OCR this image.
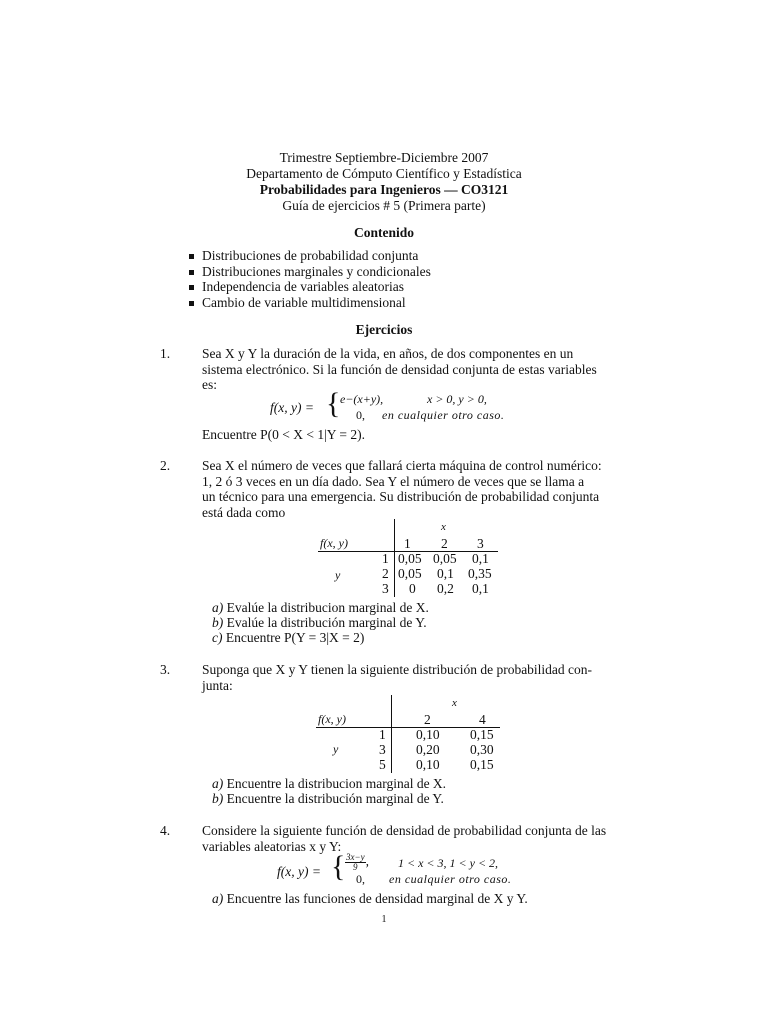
Trimestre Septiembre-Diciembre 2007
Departamento de Cómputo Científico y Estadística
Probabilidades para Ingenieros — CO3121
Guía de ejercicios # 5 (Primera parte)
Contenido
Distribuciones de probabilidad conjunta
Distribuciones marginales y condicionales
Independencia de variables aleatorias
Cambio de variable multidimensional
Ejercicios
1. Sea X y Y la duración de la vida, en años, de dos componentes en un
sistema electrónico. Si la función de densidad conjunta de estas variables
es:
f(x, y) = { e−(x+y),	x > 0, y > 0,
0, en cualquier otro caso.
Encuentre P(0 < X < 1|Y = 2).
2. Sea X el número de veces que fallará cierta máquina de control numérico:
1, 2 ó 3 veces en un día dado. Sea Y el número de veces que se llama a
un técnico para una emergencia. Su distribución de probabilidad conjunta
está dada como
x
f(x, y)	1 2 3
y
1 0,05 0,05 0,1
2 0,05 0,1 0,35
3 0 0,2 0,1
a) Evalúe la distribucion marginal de X.
b) Evalúe la distribución marginal de Y.
c) Encuentre P(Y = 3|X = 2)
3. Suponga que X y Y tienen la siguiente distribución de probabilidad con-
junta:
x
f(x, y)	2	4
y
1 0,10 0,15
3 0,20 0,30
5 0,10 0,15
a) Encuentre la distribucion marginal de X.
b) Encuentre la distribución marginal de Y.
4. Considere la siguiente función de densidad de probabilidad conjunta de las
variables aleatorias x y Y:
f(x, y) = { $\frac{3x-y}{9}$ , 1 < x < 3, 1 < y < 2,
0, en cualquier otro caso.
a) Encuentre las funciones de densidad marginal de X y Y.
1
